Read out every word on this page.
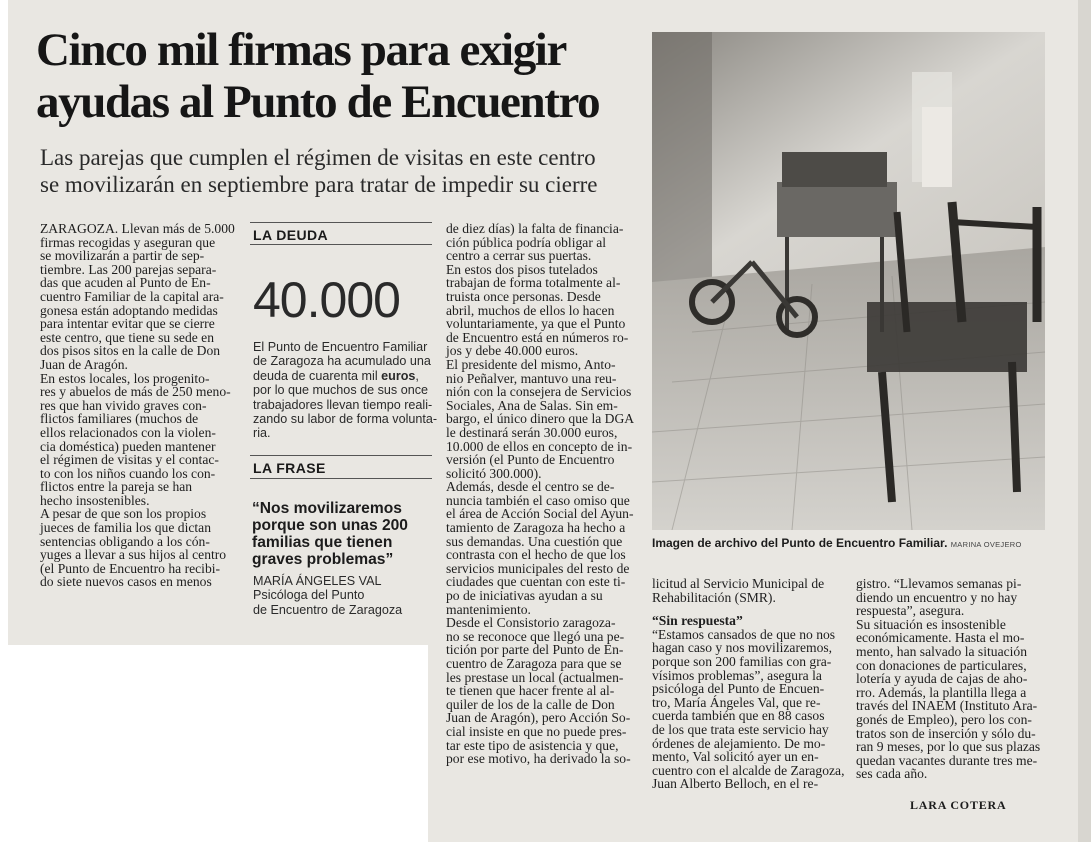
Cinco mil firmas para exigir
ayudas al Punto de Encuentro
Las parejas que cumplen el régimen de visitas en este centro
se movilizarán en septiembre para tratar de impedir su cierre
ZARAGOZA. Llevan más de 5.000
firmas recogidas y aseguran que
se movilizarán a partir de sep-
tiembre. Las 200 parejas separa-
das que acuden al Punto de En-
cuentro Familiar de la capital ara-
gonesa están adoptando medidas
para intentar evitar que se cierre
este centro, que tiene su sede en
dos pisos sitos en la calle de Don
Juan de Aragón.
En estos locales, los progenito-
res y abuelos de más de 250 meno-
res que han vivido graves con-
flictos familiares (muchos de
ellos relacionados con la violen-
cia doméstica) pueden mantener
el régimen de visitas y el contac-
to con los niños cuando los con-
flictos entre la pareja se han
hecho insostenibles.
A pesar de que son los propios
jueces de familia los que dictan
sentencias obligando a los cón-
yuges a llevar a sus hijos al centro
(el Punto de Encuentro ha recibi-
do siete nuevos casos en menos
LA DEUDA
40.000
El Punto de Encuentro Familiar
de Zaragoza ha acumulado una
deuda de cuarenta mil euros,
por lo que muchos de sus once
trabajadores llevan tiempo reali-
zando su labor de forma volunta-
ria.
LA FRASE
“Nos movilizaremos
porque son unas 200
familias que tienen
graves problemas”
MARÍA ÁNGELES VAL
Psicóloga del Punto
de Encuentro de Zaragoza
de diez días) la falta de financia-
ción pública podría obligar al
centro a cerrar sus puertas.
En estos dos pisos tutelados
trabajan de forma totalmente al-
truista once personas. Desde
abril, muchos de ellos lo hacen
voluntariamente, ya que el Punto
de Encuentro está en números ro-
jos y debe 40.000 euros.
El presidente del mismo, Anto-
nio Peñalver, mantuvo una reu-
nión con la consejera de Servicios
Sociales, Ana de Salas. Sin em-
bargo, el único dinero que la DGA
le destinará serán 30.000 euros,
10.000 de ellos en concepto de in-
versión (el Punto de Encuentro
solicitó 300.000).
Además, desde el centro se de-
nuncia también el caso omiso que
el área de Acción Social del Ayun-
tamiento de Zaragoza ha hecho a
sus demandas. Una cuestión que
contrasta con el hecho de que los
servicios municipales del resto de
ciudades que cuentan con este ti-
po de iniciativas ayudan a su
mantenimiento.
Desde el Consistorio zaragoza-
no se reconoce que llegó una pe-
tición por parte del Punto de En-
cuentro de Zaragoza para que se
les prestase un local (actualmen-
te tienen que hacer frente al al-
quiler de los de la calle de Don
Juan de Aragón), pero Acción So-
cial insiste en que no puede pres-
tar este tipo de asistencia y que,
por ese motivo, ha derivado la so-
Imagen de archivo del Punto de Encuentro Familiar. MARINA OVEJERO
licitud al Servicio Municipal de
Rehabilitación (SMR).
“Sin respuesta”
“Estamos cansados de que no nos
hagan caso y nos movilizaremos,
porque son 200 familias con gra-
vísimos problemas”, asegura la
psicóloga del Punto de Encuen-
tro, María Ángeles Val, que re-
cuerda también que en 88 casos
de los que trata este servicio hay
órdenes de alejamiento. De mo-
mento, Val solicitó ayer un en-
cuentro con el alcalde de Zaragoza,
Juan Alberto Belloch, en el re-
gistro. “Llevamos semanas pi-
diendo un encuentro y no hay
respuesta”, asegura.
Su situación es insostenible
económicamente. Hasta el mo-
mento, han salvado la situación
con donaciones de particulares,
lotería y ayuda de cajas de aho-
rro. Además, la plantilla llega a
través del INAEM (Instituto Ara-
gonés de Empleo), pero los con-
tratos son de inserción y sólo du-
ran 9 meses, por lo que sus plazas
quedan vacantes durante tres me-
ses cada año.
LARA COTERA
